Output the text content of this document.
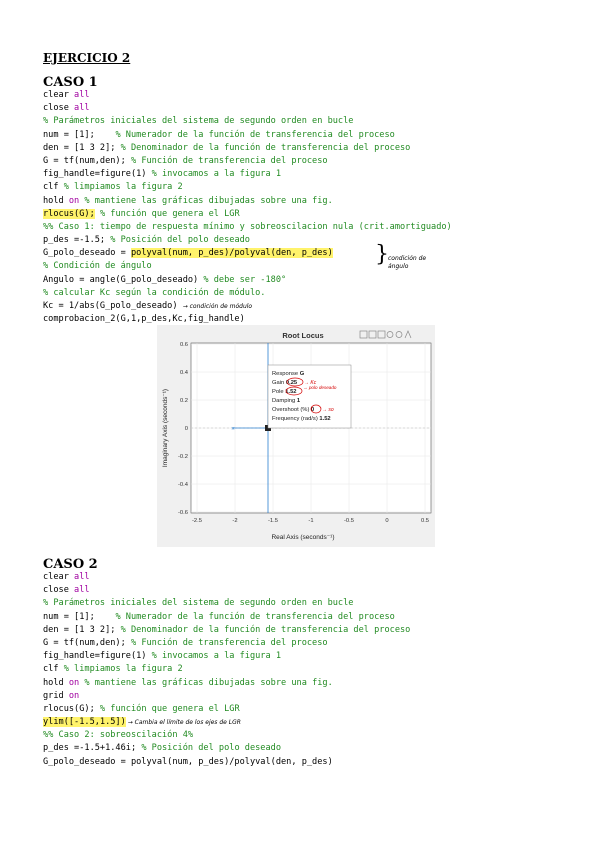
EJERCICIO 2
CASO 1
clear all
close all
% Parámetros iniciales del sistema de segundo orden en bucle
num = [1];    % Numerador de la función de transferencia del proceso
den = [1 3 2]; % Denominador de la función de transferencia del proceso
G = tf(num,den); % Función de transferencia del proceso
fig_handle=figure(1) % invocamos a la figura 1
clf % limpiamos la figura 2
hold on % mantiene las gráficas dibujadas sobre una fig.
rlocus(G); % función que genera el LGR
%% Caso 1: tiempo de respuesta mínimo y sobreoscilacion nula (crit.amortiguado)
p_des =-1.5; % Posición del polo deseado
G_polo_deseado = polyval(num, p_des)/polyval(den, p_des)
% Condición de ángulo
Angulo = angle(G_polo_deseado) % debe ser -180°
% calcular Kc según la condición de módulo.
Kc = 1/abs(G_polo_deseado) → condición de módulo
comprobacion_2(G,1,p_des,Kc,fig_handle)
} condición de ángulo
Root Locus
-2.5	-2	-1.5	-1	-0.5	0	0.5
0.6
0.4
0.2
0
-0.2
-0.4
-0.6
×
Response G
Gain 0.25 → Kc
Pole 1.52
→ polo deseado
Damping 1
Overshoot (%) 0 → so
Frequency (rad/s) 1.52
Real Axis (seconds⁻¹)
Imaginary Axis (seconds⁻¹)
CASO 2
clear all
close all
% Parámetros iniciales del sistema de segundo orden en bucle
num = [1];    % Numerador de la función de transferencia del proceso
den = [1 3 2]; % Denominador de la función de transferencia del proceso
G = tf(num,den); % Función de transferencia del proceso
fig_handle=figure(1) % invocamos a la figura 1
clf % limpiamos la figura 2
hold on % mantiene las gráficas dibujadas sobre una fig.
grid on
rlocus(G); % función que genera el LGR
ylim([-1.5,1.5]) → Cambia el límite de los ejes de LGR
%% Caso 2: sobreoscilación 4%
p_des =-1.5+1.46i; % Posición del polo deseado
G_polo_deseado = polyval(num, p_des)/polyval(den, p_des)
